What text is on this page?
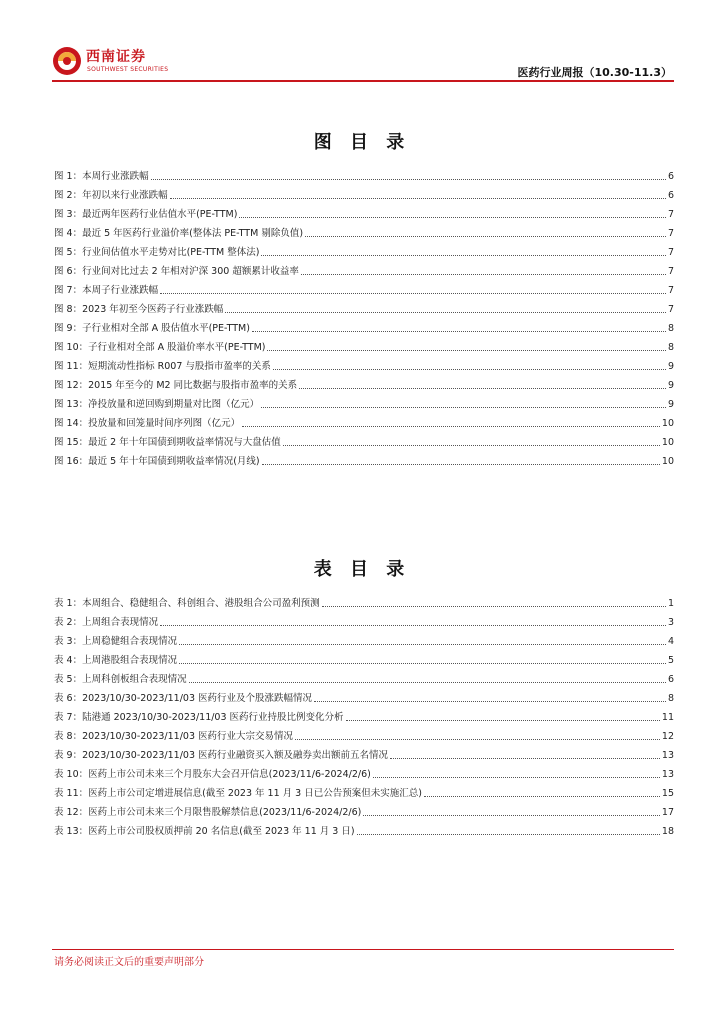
西南证券
SOUTHWEST SECURITIES	医药行业周报（10.30-11.3）
图 目 录
图 1：本周行业涨跌幅	6
图 2：年初以来行业涨跌幅	6
图 3：最近两年医药行业估值水平(PE-TTM)	7
图 4：最近 5 年医药行业溢价率(整体法 PE-TTM 剔除负值)	7
图 5：行业间估值水平走势对比(PE-TTM 整体法)	7
图 6：行业间对比过去 2 年相对沪深 300 超额累计收益率	7
图 7：本周子行业涨跌幅	7
图 8：2023 年初至今医药子行业涨跌幅	7
图 9：子行业相对全部 A 股估值水平(PE-TTM)	8
图 10：子行业相对全部 A 股溢价率水平(PE-TTM)	8
图 11：短期流动性指标 R007 与股指市盈率的关系	9
图 12：2015 年至今的 M2 同比数据与股指市盈率的关系	9
图 13：净投放量和逆回购到期量对比图（亿元）	9
图 14：投放量和回笼量时间序列图（亿元）	10
图 15：最近 2 年十年国债到期收益率情况与大盘估值	10
图 16：最近 5 年十年国债到期收益率情况(月线)	10
表 目 录
表 1：本周组合、稳健组合、科创组合、港股组合公司盈利预测	1
表 2：上周组合表现情况	3
表 3：上周稳健组合表现情况	4
表 4：上周港股组合表现情况	5
表 5：上周科创板组合表现情况	6
表 6：2023/10/30-2023/11/03 医药行业及个股涨跌幅情况	8
表 7：陆港通 2023/10/30-2023/11/03 医药行业持股比例变化分析	11
表 8：2023/10/30-2023/11/03 医药行业大宗交易情况	12
表 9：2023/10/30-2023/11/03 医药行业融资买入额及融券卖出额前五名情况	13
表 10：医药上市公司未来三个月股东大会召开信息(2023/11/6-2024/2/6)	13
表 11：医药上市公司定增进展信息(截至 2023 年 11 月 3 日已公告预案但未实施汇总)	15
表 12：医药上市公司未来三个月限售股解禁信息(2023/11/6-2024/2/6)	17
表 13：医药上市公司股权质押前 20 名信息(截至 2023 年 11 月 3 日)	18
请务必阅读正文后的重要声明部分
